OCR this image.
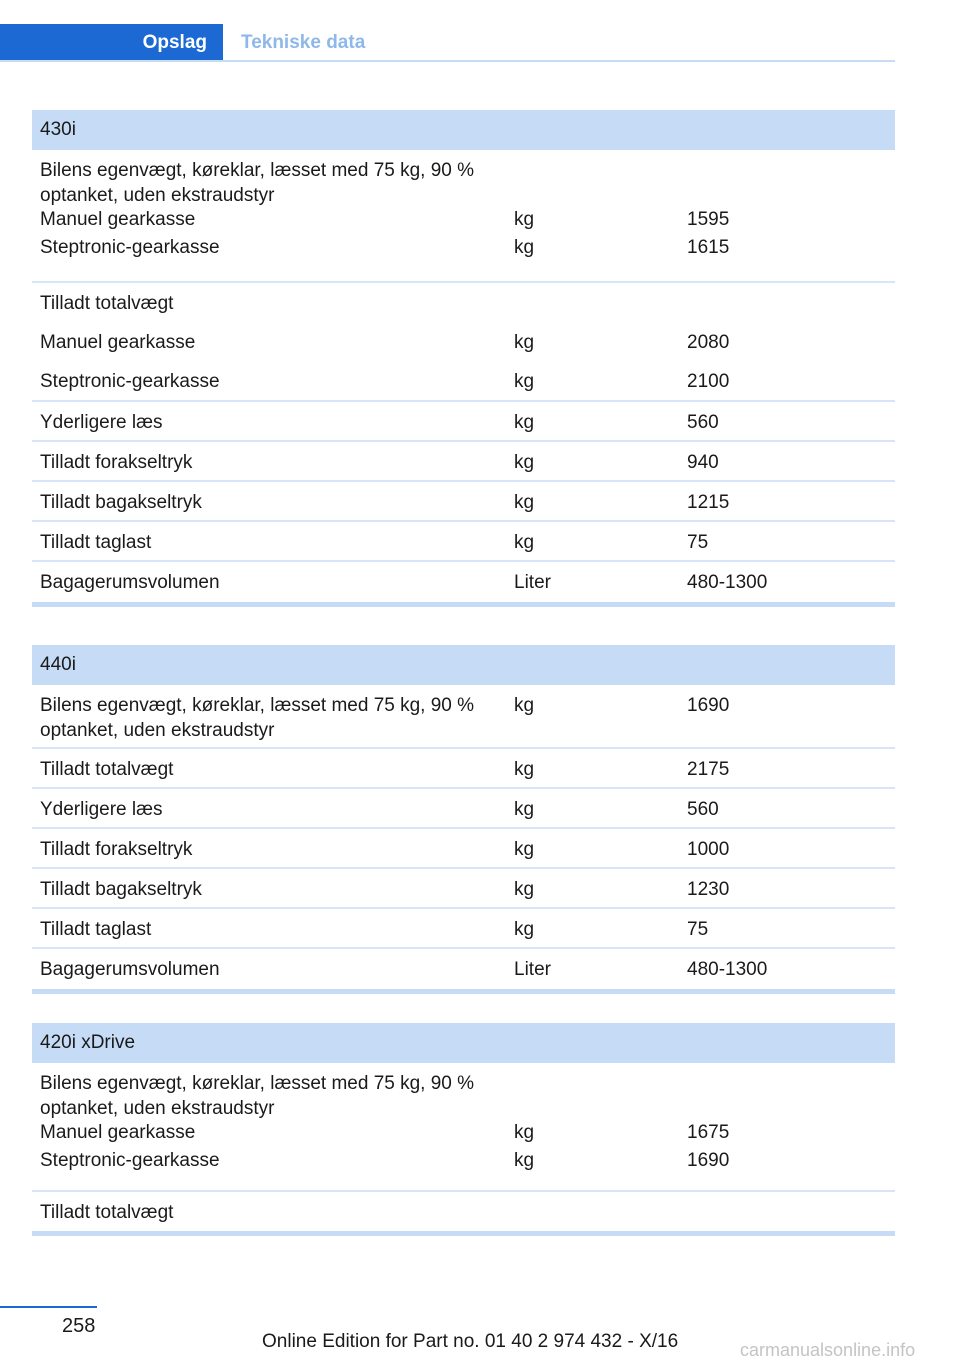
Opslag Tekniske data
430i
Bilens egenvægt, køreklar, læsset med 75 kg, 90 % optanket, uden ekstraudstyr
Manuel gearkasse	kg	1595
Steptronic-gearkasse	kg	1615
Tilladt totalvægt
Manuel gearkasse	kg	2080
Steptronic-gearkasse	kg	2100
Yderligere læs	kg	560
Tilladt forakseltryk	kg	940
Tilladt bagakseltryk	kg	1215
Tilladt taglast	kg	75
Bagagerumsvolumen	Liter	480-1300
440i
Bilens egenvægt, køreklar, læsset med 75 kg, 90 % optanket, uden ekstraudstyr
kg	1690
Tilladt totalvægt	kg	2175
Yderligere læs	kg	560
Tilladt forakseltryk	kg	1000
Tilladt bagakseltryk	kg	1230
Tilladt taglast	kg	75
Bagagerumsvolumen	Liter	480-1300
420i xDrive
Bilens egenvægt, køreklar, læsset med 75 kg, 90 % optanket, uden ekstraudstyr
Manuel gearkasse	kg	1675
Steptronic-gearkasse	kg	1690
Tilladt totalvægt
258
Online Edition for Part no. 01 40 2 974 432 - X/16	carmanualsonline.info
